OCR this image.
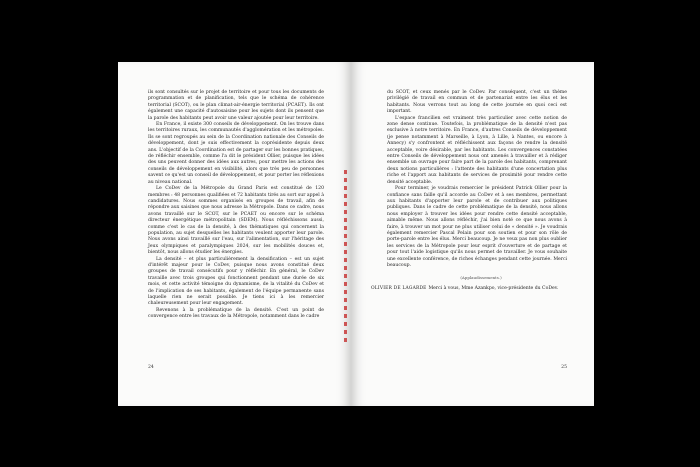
ils sont consultés sur le projet de territoire et pour tous les documents de programmation et de planification, tels que le schéma de cohérence territorial (SCOT), ou le plan climat-air-énergie territorial (PCAET). Ils ont également une capacité d'autosaisine pour les sujets dont ils pensent que la parole des habitants peut avoir une valeur ajoutée pour leur territoire.

En France, il existe 300 conseils de développement. On les trouve dans les territoires ruraux, les communautés d'agglomération et les métropoles. Ils se sont regroupés au sein de la Coordination nationale des Conseils de développement, dont je suis effectivement la coprésidente depuis deux ans. L'objectif de la Coordination est de partager sur les bonnes pratiques, de réfléchir ensemble, comme l'a dit le président Ollier, puisque les idées des uns peuvent donner des idées aux autres, pour mettre les actions des conseils de développement en visibilité, alors que très peu de personnes savent ce qu'est un conseil de développement, et pour porter les réflexions au niveau national.

Le CoDev de la Métropole du Grand Paris est constitué de 120 membres : 48 personnes qualifiées et 72 habitants tirés au sort sur appel à candidatures. Nous sommes organisés en groupes de travail, afin de répondre aux saisines que nous adresse la Métropole. Dans ce cadre, nous avons travaillé sur le SCOT, sur le PCAET ou encore sur le schéma directeur énergétique métropolitain (SDEM). Nous réfléchissons aussi, comme c'est le cas de la densité, à des thématiques qui concernent la population, au sujet desquelles les habitants veulent apporter leur parole. Nous avons ainsi travaillé sur l'eau, sur l'alimentation, sur l'héritage des Jeux olympiques et paralympiques 2024, sur les mobilités douces et, bientôt, nous allons étudier les énergies.

La densité – et plus particulièrement la densification – est un sujet d'intérêt majeur pour le CoDev, puisque nous avons constitué deux groupes de travail consécutifs pour y réfléchir. En général, le CoDev travaille avec trois groupes qui fonctionnent pendant une durée de six mois, et cette activité témoigne du dynamisme, de la vitalité du CoDev et de l'implication de ses habitants, également de l'équipe permanente sans laquelle rien ne serait possible. Je tiens ici à les remercier chaleureusement pour leur engagement.

Revenons à la problématique de la densité. C'est un point de convergence entre les travaux de la Métropole, notamment dans le cadre

24

du SCOT, et ceux menés par le CoDev. Par conséquent, c'est un thème privilégié de travail en commun et de partenariat entre les élus et les habitants. Nous verrons tout au long de cette journée en quoi ceci est important.

L'espace francilien est vraiment très particulier avec cette notion de zone dense continue. Toutefois, la problématique de la densité n'est pas exclusive à notre territoire. En France, d'autres Conseils de développement (je pense notamment à Marseille, à Lyon, à Lille, à Nantes, ou encore à Annecy) s'y confrontent et réfléchissent aux façons de rendre la densité acceptable, voire désirable, par les habitants. Les convergences constatées entre Conseils de développement nous ont amenés à travailler et à rédiger ensemble un ouvrage pour faire part de la parole des habitants, comprenant deux notions particulières : l'attente des habitants d'une concertation plus riche et l'apport aux habitants de services de proximité pour rendre cette densité acceptable.

Pour terminer, je voudrais remercier le président Patrick Ollier pour la confiance sans faille qu'il accorde au CoDev et à ses membres, permettant aux habitants d'apporter leur parole et de contribuer aux politiques publiques. Dans le cadre de cette problématique de la densité, nous allons nous employer à trouver les idées pour rendre cette densité acceptable, aimable même. Nous allons réfléchir, j'ai bien noté ce que nous avons à faire, à trouver un mot pour ne plus utiliser celui de « densité ». Je voudrais également remercier Pascal Pelain pour son soutien et pour son rôle de porte-parole entre les élus. Merci beaucoup. Je ne veux pas non plus oublier les services de la Métropole pour leur esprit d'ouverture et de partage et pour tout l'aide logistique qu'ils nous permet de travailler. Je vous souhaite une excellente conférence, de riches échanges pendant cette journée. Merci beaucoup.

(Applaudissements.)

OLIVIER DE LAGARDE Merci à vous, Mme Azankpo, vice-présidente du CoDev.

25
